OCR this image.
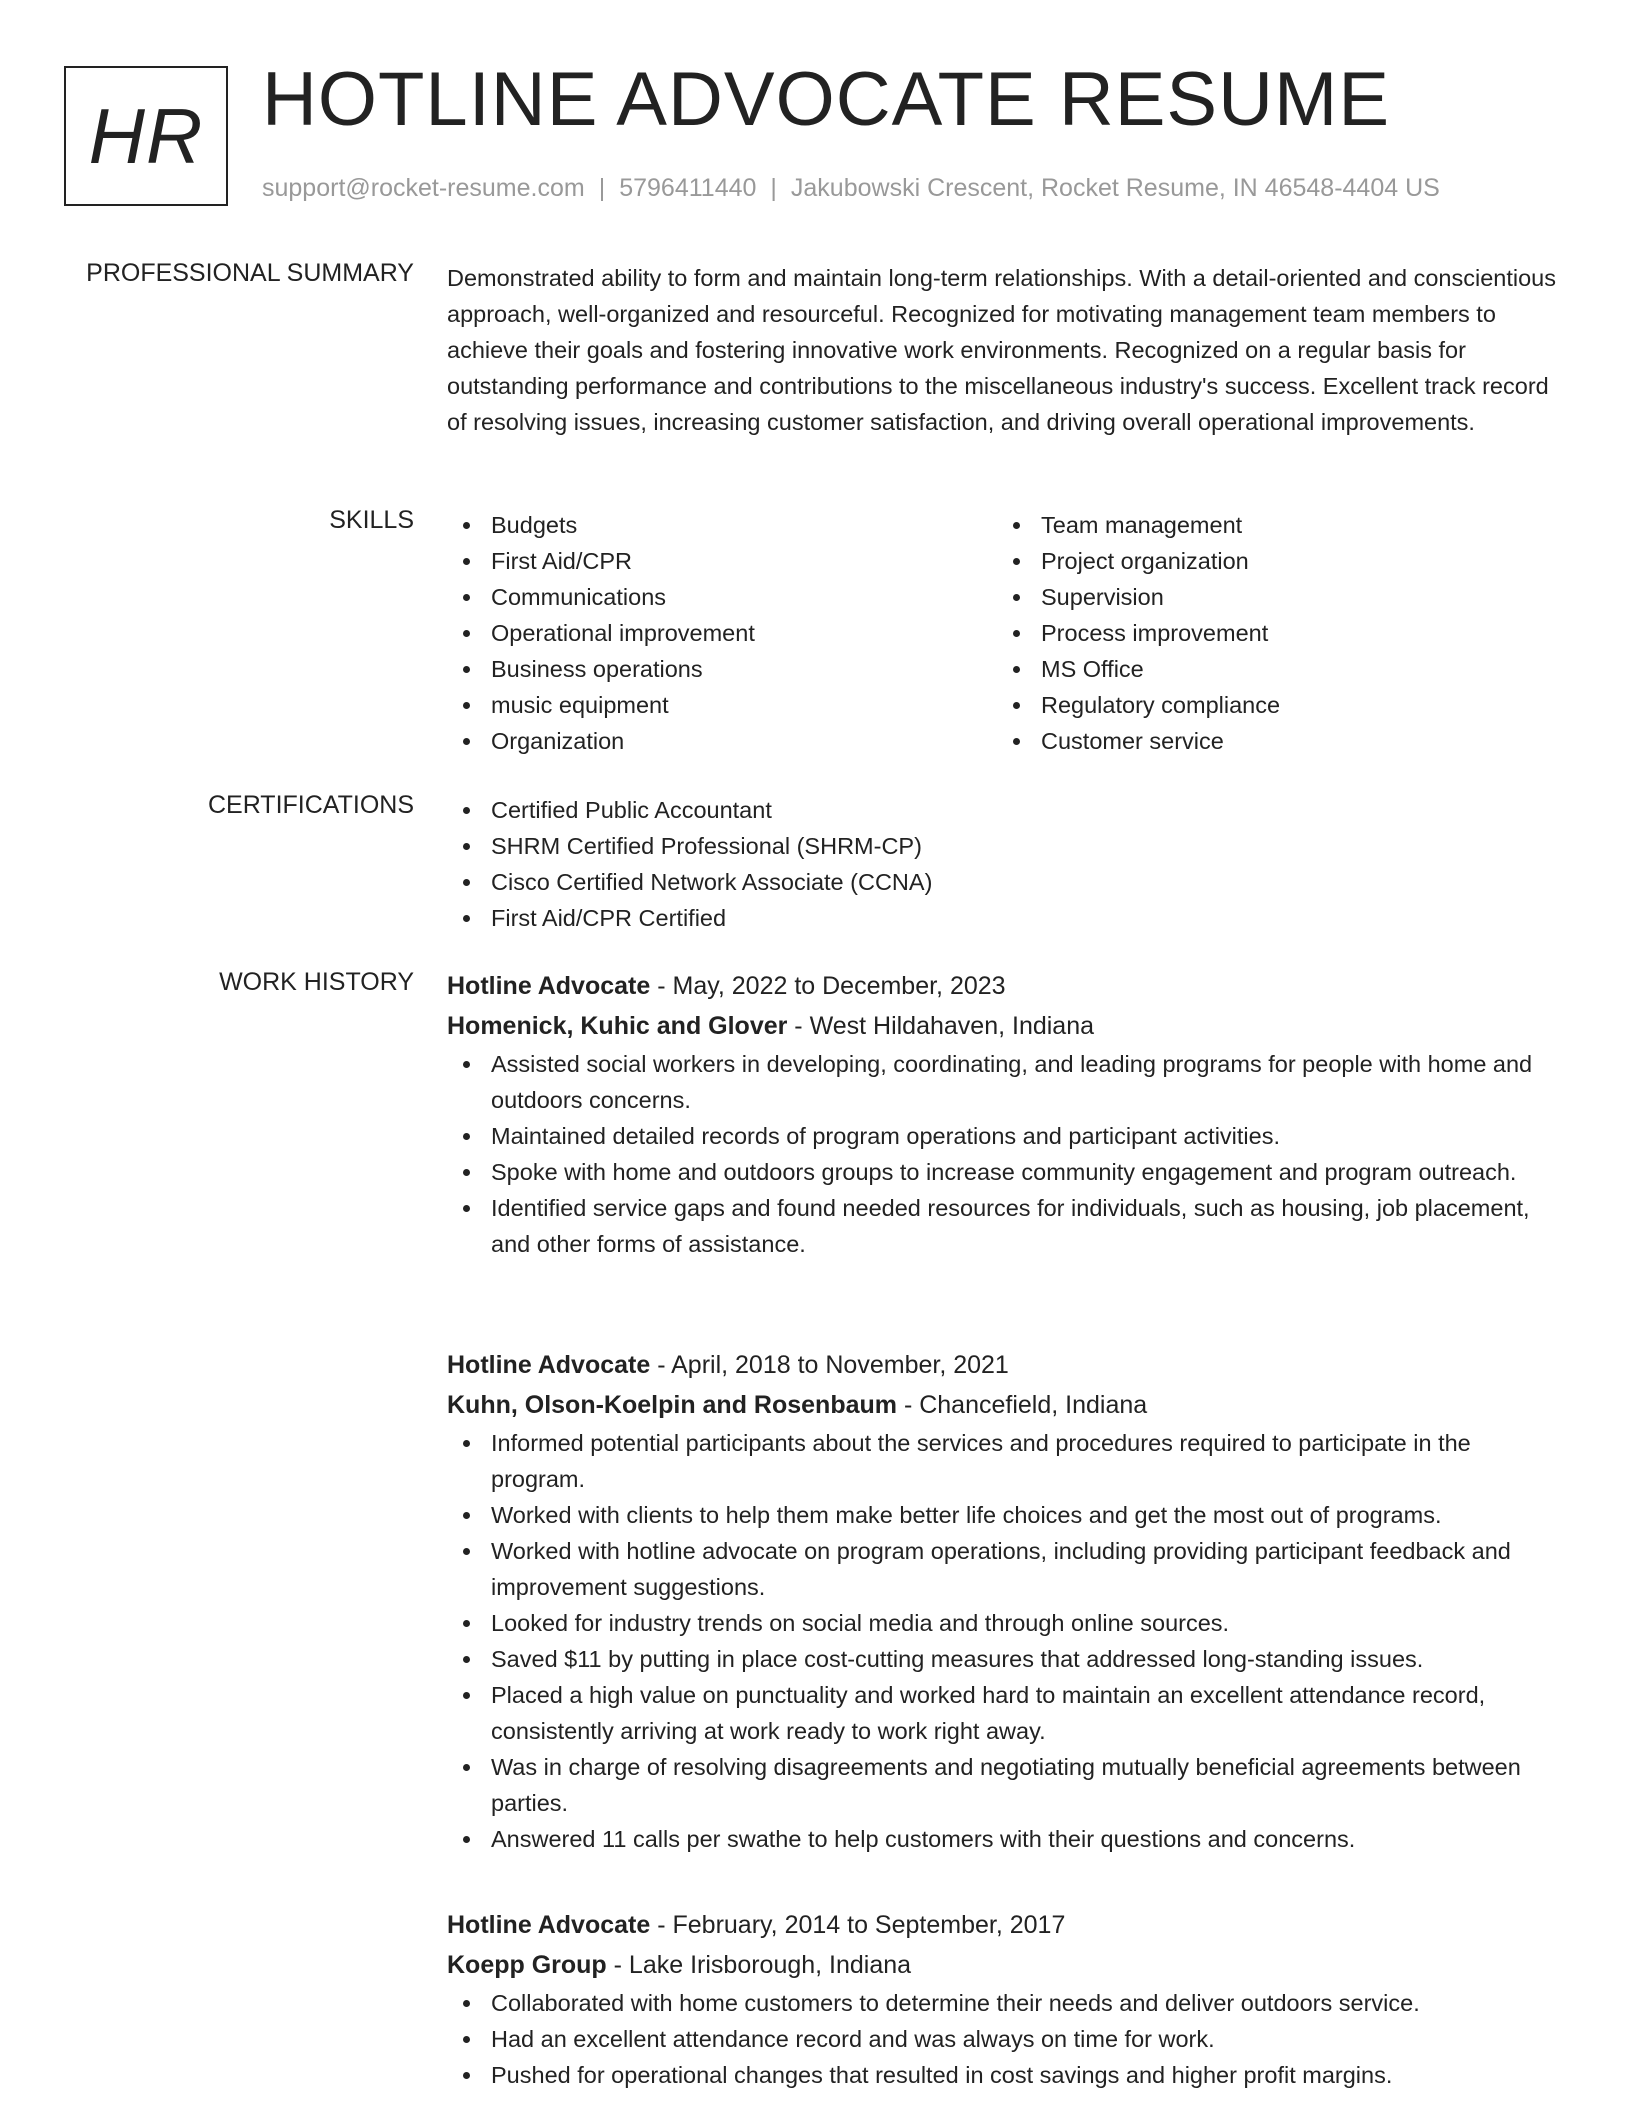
HR HOTLINE ADVOCATE RESUME
support@rocket-resume.com | 5796411440 | Jakubowski Crescent, Rocket Resume, IN 46548-4404 US
PROFESSIONAL SUMMARY Demonstrated ability to form and maintain long-term relationships. With a detail-oriented and conscientious approach, well-organized and resourceful. Recognized for motivating management team members to achieve their goals and fostering innovative work environments. Recognized on a regular basis for outstanding performance and contributions to the miscellaneous industry's success. Excellent track record of resolving issues, increasing customer satisfaction, and driving overall operational improvements.
SKILLS	Budgets
First Aid/CPR
Communications
Operational improvement
Business operations
music equipment
Organization
Team management
Project organization
Supervision
Process improvement
MS Office
Regulatory compliance
Customer service
CERTIFICATIONS	Certified Public Accountant
SHRM Certified Professional (SHRM-CP)
Cisco Certified Network Associate (CCNA)
First Aid/CPR Certified
WORK HISTORY Hotline Advocate - May, 2022 to December, 2023
Homenick, Kuhic and Glover - West Hildahaven, Indiana
Assisted social workers in developing, coordinating, and leading programs for people with home and outdoors concerns.
Maintained detailed records of program operations and participant activities.
Spoke with home and outdoors groups to increase community engagement and program outreach.
Identified service gaps and found needed resources for individuals, such as housing, job placement, and other forms of assistance.
Hotline Advocate - April, 2018 to November, 2021
Kuhn, Olson-Koelpin and Rosenbaum - Chancefield, Indiana
Informed potential participants about the services and procedures required to participate in the program.
Worked with clients to help them make better life choices and get the most out of programs.
Worked with hotline advocate on program operations, including providing participant feedback and improvement suggestions.
Looked for industry trends on social media and through online sources.
Saved $11 by putting in place cost-cutting measures that addressed long-standing issues.
Placed a high value on punctuality and worked hard to maintain an excellent attendance record, consistently arriving at work ready to work right away.
Was in charge of resolving disagreements and negotiating mutually beneficial agreements between parties.
Answered 11 calls per swathe to help customers with their questions and concerns.
Hotline Advocate - February, 2014 to September, 2017
Koepp Group - Lake Irisborough, Indiana
Collaborated with home customers to determine their needs and deliver outdoors service.
Had an excellent attendance record and was always on time for work.
Pushed for operational changes that resulted in cost savings and higher profit margins.
